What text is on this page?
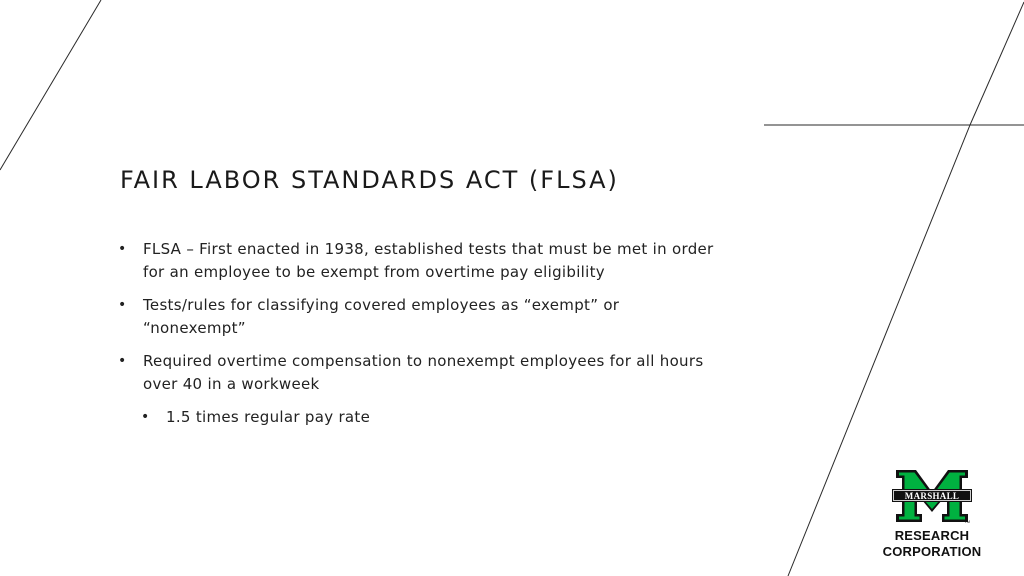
FAIR LABOR STANDARDS ACT (FLSA)
• FLSA – First enacted in 1938, established tests that must be met in order for an employee to be exempt from overtime pay eligibility
• Tests/rules for classifying covered employees as “exempt” or “nonexempt”
• Required overtime compensation to nonexempt employees for all hours over 40 in a workweek
• 1.5 times regular pay rate
MARSHALL
TM
RESEARCH
CORPORATION
